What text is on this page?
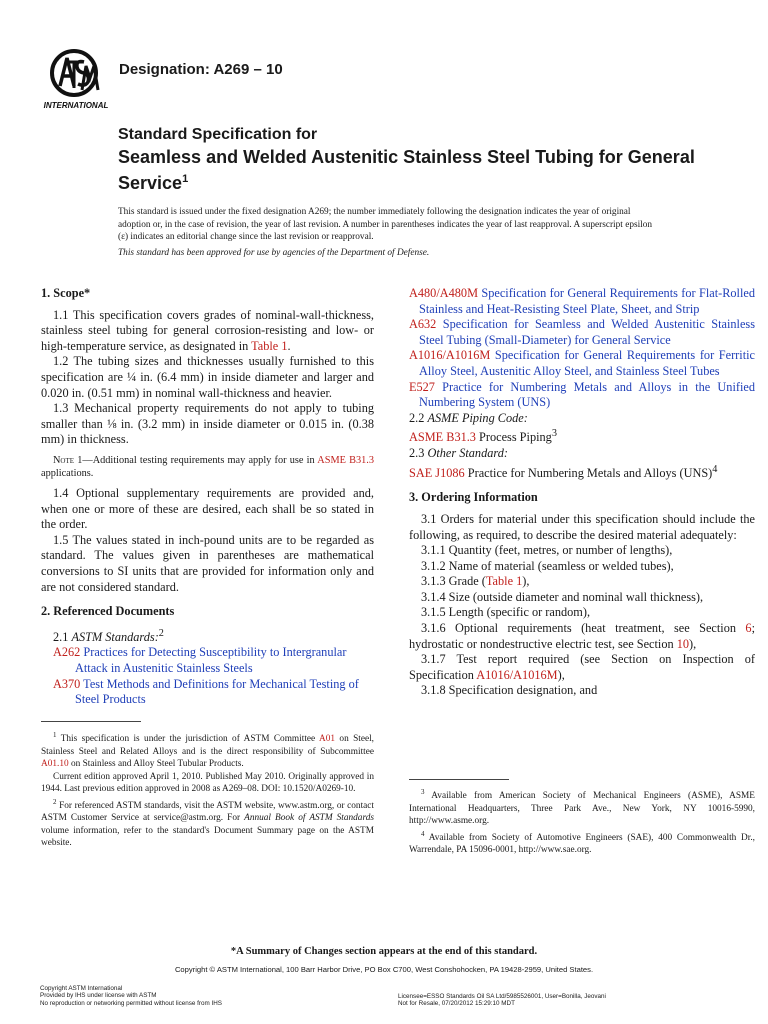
INTERNATIONAL
Designation: A269 – 10
Standard Specification for
Seamless and Welded Austenitic Stainless Steel Tubing for General Service$^1$
This standard is issued under the fixed designation A269; the number immediately following the designation indicates the year of original adoption or, in the case of revision, the year of last revision. A number in parentheses indicates the year of last reapproval. A superscript epsilon (ε) indicates an editorial change since the last revision or reapproval.
This standard has been approved for use by agencies of the Department of Defense.
1. Scope*

1.1 This specification covers grades of nominal-wall-thickness, stainless steel tubing for general corrosion-resisting and low- or high-temperature service, as designated in Table 1.

1.2 The tubing sizes and thicknesses usually furnished to this specification are ¼ in. (6.4 mm) in inside diameter and larger and 0.020 in. (0.51 mm) in nominal wall-thickness and heavier.

1.3 Mechanical property requirements do not apply to tubing smaller than ⅛ in. (3.2 mm) in inside diameter or 0.015 in. (0.38 mm) in thickness.

Note 1—Additional testing requirements may apply for use in ASME B31.3 applications.

1.4 Optional supplementary requirements are provided and, when one or more of these are desired, each shall be so stated in the order.

1.5 The values stated in inch-pound units are to be regarded as standard. The values given in parentheses are mathematical conversions to SI units that are provided for information only and are not considered standard.

2. Referenced Documents

2.1 ASTM Standards:$^2$

A262 Practices for Detecting Susceptibility to Intergranular Attack in Austenitic Stainless Steels

A370 Test Methods and Definitions for Mechanical Testing of Steel Products

A480/A480M Specification for General Requirements for Flat-Rolled Stainless and Heat-Resisting Steel Plate, Sheet, and Strip

A632 Specification for Seamless and Welded Austenitic Stainless Steel Tubing (Small-Diameter) for General Service

A1016/A1016M Specification for General Requirements for Ferritic Alloy Steel, Austenitic Alloy Steel, and Stainless Steel Tubes

E527 Practice for Numbering Metals and Alloys in the Unified Numbering System (UNS)

2.2 ASME Piping Code:

ASME B31.3 Process Piping$^3$

2.3 Other Standard:

SAE J1086 Practice for Numbering Metals and Alloys (UNS)$^4$

3. Ordering Information

3.1 Orders for material under this specification should include the following, as required, to describe the desired material adequately:

3.1.1 Quantity (feet, metres, or number of lengths),

3.1.2 Name of material (seamless or welded tubes),

3.1.3 Grade (Table 1),

3.1.4 Size (outside diameter and nominal wall thickness),

3.1.5 Length (specific or random),

3.1.6 Optional requirements (heat treatment, see Section 6; hydrostatic or nondestructive electric test, see Section 10),

3.1.7 Test report required (see Section on Inspection of Specification A1016/A1016M),

3.1.8 Specification designation, and

$^1$ This specification is under the jurisdiction of ASTM Committee A01 on Steel, Stainless Steel and Related Alloys and is the direct responsibility of Subcommittee A01.10 on Stainless and Alloy Steel Tubular Products.

Current edition approved April 1, 2010. Published May 2010. Originally approved in 1944. Last previous edition approved in 2008 as A269–08. DOI: 10.1520/A0269-10.

$^2$ For referenced ASTM standards, visit the ASTM website, www.astm.org, or contact ASTM Customer Service at service@astm.org. For Annual Book of ASTM Standards volume information, refer to the standard's Document Summary page on the ASTM website.

$^3$ Available from American Society of Mechanical Engineers (ASME), ASME International Headquarters, Three Park Ave., New York, NY 10016-5990, http://www.asme.org.

$^4$ Available from Society of Automotive Engineers (SAE), 400 Commonwealth Dr., Warrendale, PA 15096-0001, http://www.sae.org.

*A Summary of Changes section appears at the end of this standard.
Copyright © ASTM International, 100 Barr Harbor Drive, PO Box C700, West Conshohocken, PA 19428-2959, United States.
Copyright ASTM International
Provided by IHS under license with ASTM
No reproduction or networking permitted without license from IHS
Licensee=ESSO Standards Oil SA Ltd/5985526001, User=Bonilla, Jeovani
Not for Resale, 07/20/2012 15:29:10 MDT
